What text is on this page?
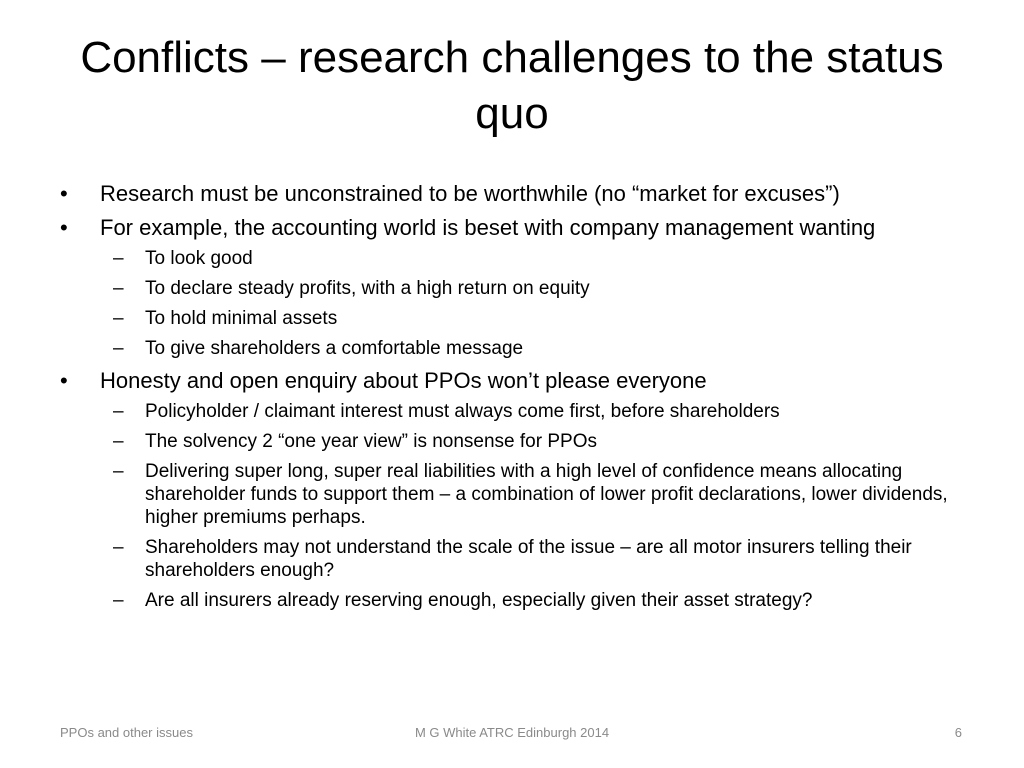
Conflicts – research challenges to the status quo
•	Research must be unconstrained to be worthwhile (no “market for excuses”)
•	For example, the accounting world is beset with company management wanting
–	To look good
–	To declare steady profits, with a high return on equity
–	To hold minimal assets
–	To give shareholders a comfortable message
•	Honesty and open enquiry about PPOs won’t please everyone
–	Policyholder / claimant interest must always come first, before shareholders
–	The solvency 2 “one year view” is nonsense for PPOs
–	Delivering super long, super real liabilities with a high level of confidence means allocating shareholder funds to support them – a combination of lower profit declarations, lower dividends, higher premiums perhaps.
–	Shareholders may not understand the scale of the issue – are all motor insurers telling their shareholders enough?
–	Are all insurers already reserving enough, especially given their asset strategy?
PPOs and other issues	M G White ATRC Edinburgh 2014	6
